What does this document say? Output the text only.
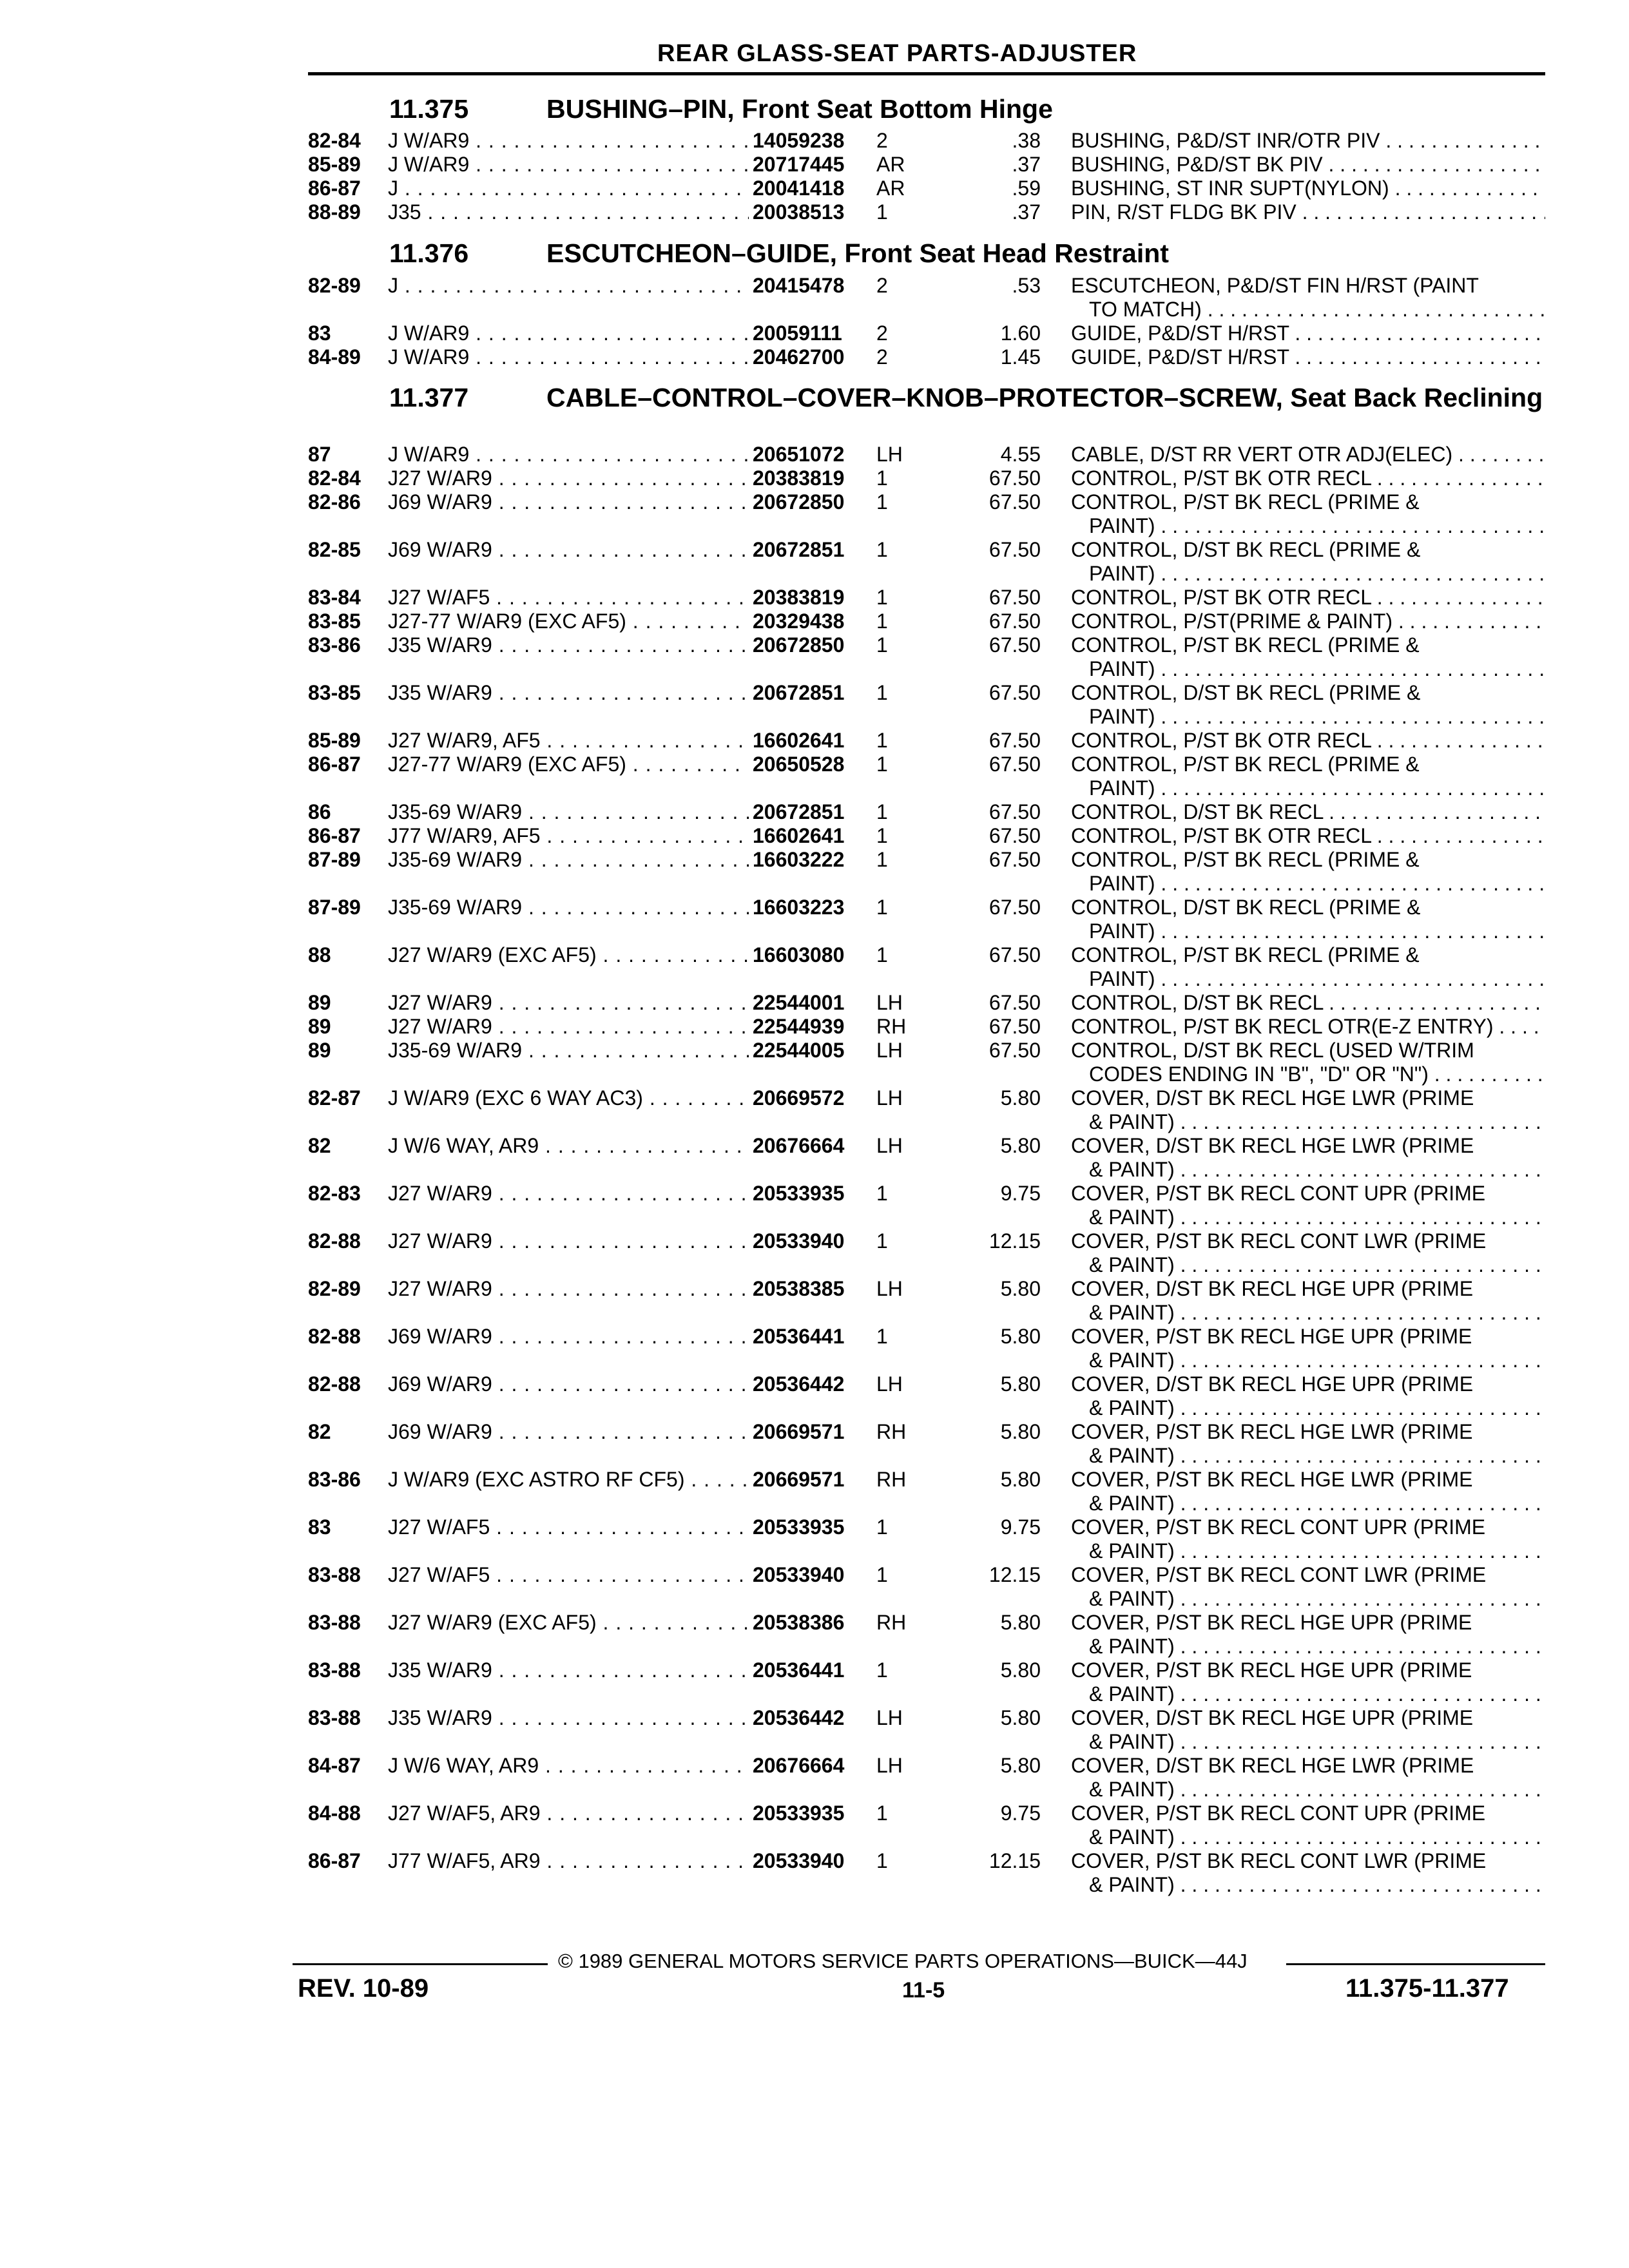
REAR GLASS-SEAT PARTS-ADJUSTER
11.375	BUSHING–PIN, Front Seat Bottom Hinge
11.376	ESCUTCHEON–GUIDE, Front Seat Head Restraint
11.377	CABLE–CONTROL–COVER–KNOB–PROTECTOR–SCREW, Seat Back Reclining
82-84	J W/AR9 . . .	14059238	2	.38 BUSHING, P&D/ST INR/OTR PIV . . .
85-89	J W/AR9 . . .	20717445	AR	.37 BUSHING, P&D/ST BK PIV . . .
86-87	J . . .	20041418	AR	.59 BUSHING, ST INR SUPT(NYLON) . . .
88-89	J35 . . .	20038513	1	.37 PIN, R/ST FLDG BK PIV . . .
82-89	J . . .	20415478	2	.53 ESCUTCHEON, P&D/ST FIN H/RST (PAINT
TO MATCH) . . .
83	J W/AR9 . . .	20059111	2	1.60 GUIDE, P&D/ST H/RST . . .
84-89	J W/AR9 . . .	20462700	2	1.45 GUIDE, P&D/ST H/RST . . .
87	J W/AR9 . . .	20651072	LH	4.55 CABLE, D/ST RR VERT OTR ADJ(ELEC) . . .
82-84	J27 W/AR9 . . .	20383819	1	67.50 CONTROL, P/ST BK OTR RECL . . .
82-86	J69 W/AR9 . . .	20672850	1	67.50 CONTROL, P/ST BK RECL (PRIME &
PAINT) . . .
82-85	J69 W/AR9 . . .	20672851	1	67.50 CONTROL, D/ST BK RECL (PRIME &
PAINT) . . .
83-84	J27 W/AF5 . . .	20383819	1	67.50 CONTROL, P/ST BK OTR RECL . . .
83-85	J27-77 W/AR9 (EXC AF5) . . .	20329438	1	67.50 CONTROL, P/ST(PRIME & PAINT) . . .
83-86	J35 W/AR9 . . .	20672850	1	67.50 CONTROL, P/ST BK RECL (PRIME &
PAINT) . . .
83-85	J35 W/AR9 . . .	20672851	1	67.50 CONTROL, D/ST BK RECL (PRIME &
PAINT) . . .
85-89	J27 W/AR9, AF5 . . .	16602641	1	67.50 CONTROL, P/ST BK OTR RECL . . .
86-87	J27-77 W/AR9 (EXC AF5) . . .	20650528	1	67.50 CONTROL, P/ST BK RECL (PRIME &
PAINT) . . .
86	J35-69 W/AR9 . . .	20672851	1	67.50 CONTROL, D/ST BK RECL . . .
86-87	J77 W/AR9, AF5 . . .	16602641	1	67.50 CONTROL, P/ST BK OTR RECL . . .
87-89	J35-69 W/AR9 . . .	16603222	1	67.50 CONTROL, P/ST BK RECL (PRIME &
PAINT) . . .
87-89	J35-69 W/AR9 . . .	16603223	1	67.50 CONTROL, D/ST BK RECL (PRIME &
PAINT) . . .
88	J27 W/AR9 (EXC AF5) . . .	16603080	1	67.50 CONTROL, P/ST BK RECL (PRIME &
PAINT) . . .
89	J27 W/AR9 . . .	22544001	LH	67.50 CONTROL, D/ST BK RECL . . .
89	J27 W/AR9 . . .	22544939	RH	67.50 CONTROL, P/ST BK RECL OTR(E-Z ENTRY) . . .
89	J35-69 W/AR9 . . .	22544005	LH	67.50 CONTROL, D/ST BK RECL (USED W/TRIM
CODES ENDING IN "B", "D" OR "N") . . .
82-87	J W/AR9 (EXC 6 WAY AC3) . . .	20669572	LH	5.80 COVER, D/ST BK RECL HGE LWR (PRIME
& PAINT) . . .
82	J W/6 WAY, AR9 . . .	20676664	LH	5.80 COVER, D/ST BK RECL HGE LWR (PRIME
& PAINT) . . .
82-83	J27 W/AR9 . . .	20533935	1	9.75 COVER, P/ST BK RECL CONT UPR (PRIME
& PAINT) . . .
82-88	J27 W/AR9 . . .	20533940	1	12.15 COVER, P/ST BK RECL CONT LWR (PRIME
& PAINT) . . .
82-89	J27 W/AR9 . . .	20538385	LH	5.80 COVER, D/ST BK RECL HGE UPR (PRIME
& PAINT) . . .
82-88	J69 W/AR9 . . .	20536441	1	5.80 COVER, P/ST BK RECL HGE UPR (PRIME
& PAINT) . . .
82-88	J69 W/AR9 . . .	20536442	LH	5.80 COVER, D/ST BK RECL HGE UPR (PRIME
& PAINT) . . .
82	J69 W/AR9 . . .	20669571	RH	5.80 COVER, P/ST BK RECL HGE LWR (PRIME
& PAINT) . . .
83-86	J W/AR9 (EXC ASTRO RF CF5) . . .	20669571	RH	5.80 COVER, P/ST BK RECL HGE LWR (PRIME
& PAINT) . . .
83	J27 W/AF5 . . .	20533935	1	9.75 COVER, P/ST BK RECL CONT UPR (PRIME
& PAINT) . . .
83-88	J27 W/AF5 . . .	20533940	1	12.15 COVER, P/ST BK RECL CONT LWR (PRIME
& PAINT) . . .
83-88	J27 W/AR9 (EXC AF5) . . .	20538386	RH	5.80 COVER, P/ST BK RECL HGE UPR (PRIME
& PAINT) . . .
83-88	J35 W/AR9 . . .	20536441	1	5.80 COVER, P/ST BK RECL HGE UPR (PRIME
& PAINT) . . .
83-88	J35 W/AR9 . . .	20536442	LH	5.80 COVER, D/ST BK RECL HGE UPR (PRIME
& PAINT) . . .
84-87	J W/6 WAY, AR9 . . .	20676664	LH	5.80 COVER, D/ST BK RECL HGE LWR (PRIME
& PAINT) . . .
84-88	J27 W/AF5, AR9 . . .	20533935	1	9.75 COVER, P/ST BK RECL CONT UPR (PRIME
& PAINT) . . .
86-87	J77 W/AF5, AR9 . . .	20533940	1	12.15 COVER, P/ST BK RECL CONT LWR (PRIME
& PAINT) . . .
© 1989 GENERAL MOTORS SERVICE PARTS OPERATIONS—BUICK—44J
REV. 10-89	11-5	11.375-11.377
